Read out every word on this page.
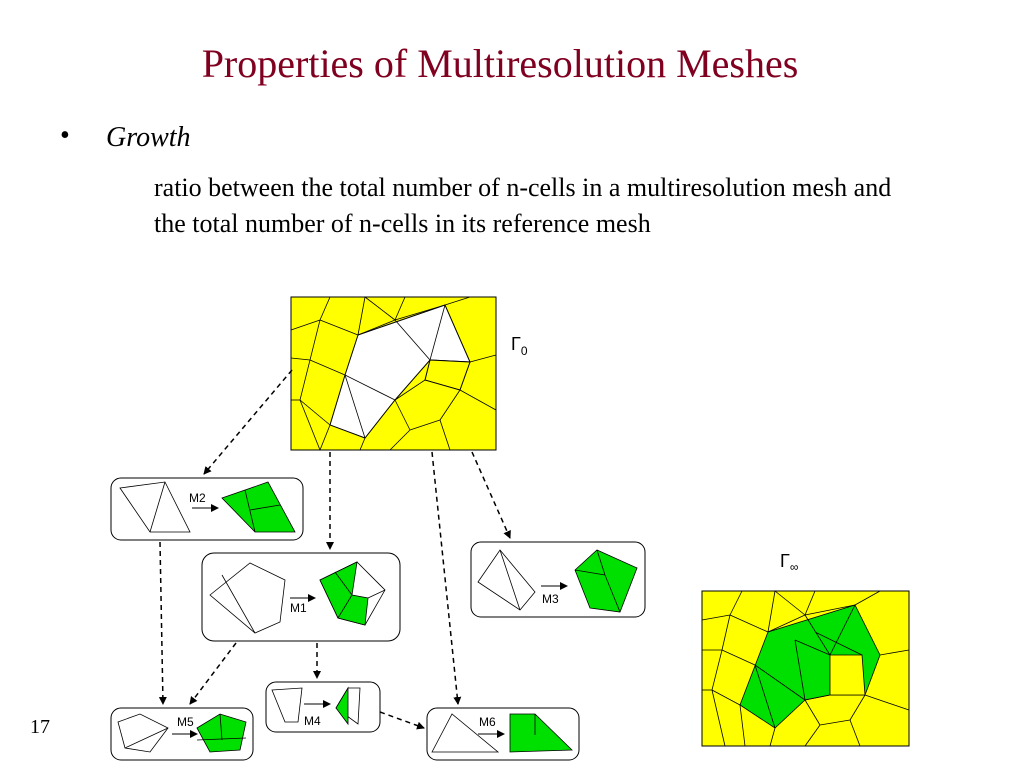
Properties of Multiresolution Meshes
• Growth
ratio between the total number of n-cells in a multiresolution mesh and the total number of n-cells in its reference mesh
17
$\Gamma_0$
M2
M1
M3
M4
M5	M6
$\Gamma_\infty$
